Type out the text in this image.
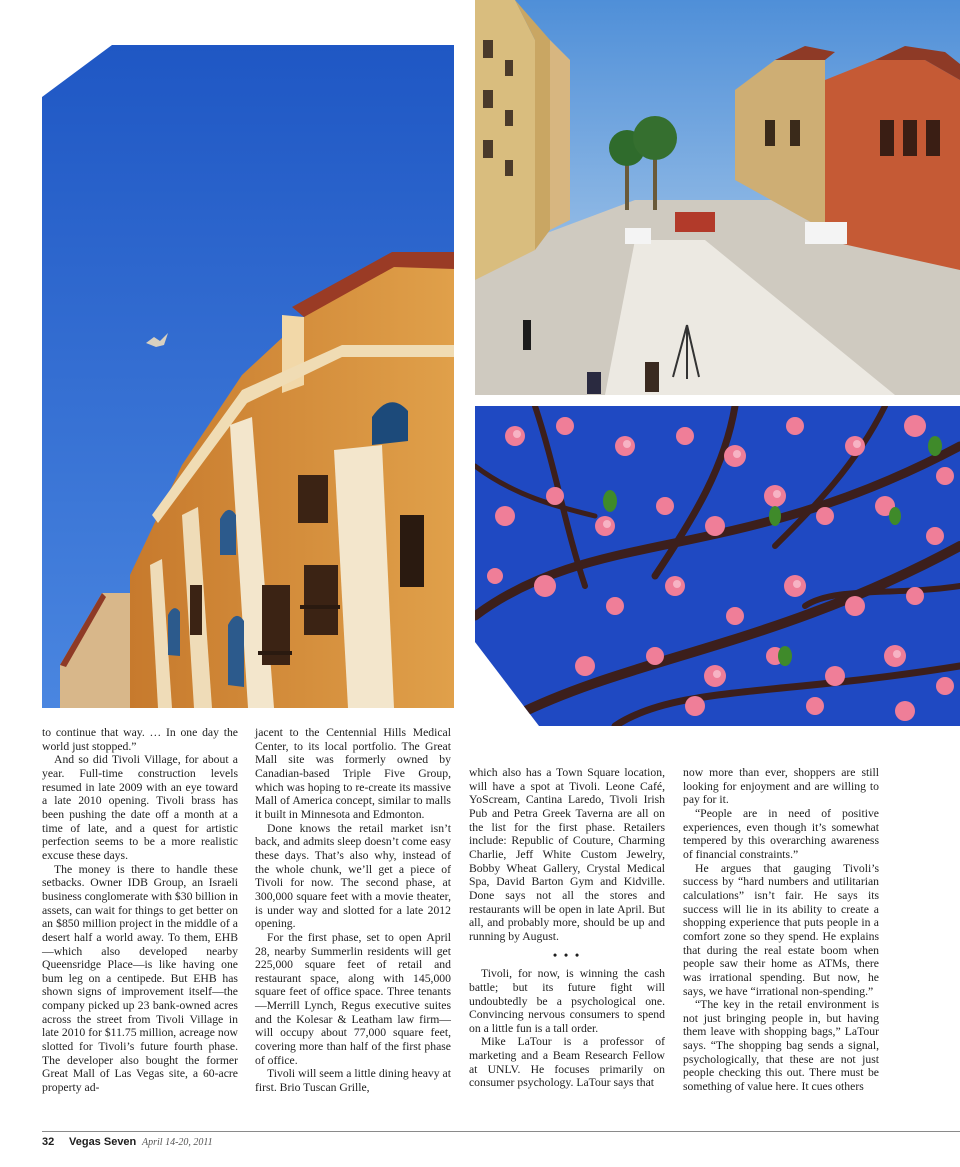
to continue that way. … In one day the world just stopped.”

And so did Tivoli Village, for about a year. Full-time construction levels resumed in late 2009 with an eye toward a late 2010 opening. Tivoli brass has been pushing the date off a month at a time of late, and a quest for artistic perfection seems to be a more realistic excuse these days.

The money is there to handle these setbacks. Owner IDB Group, an Israeli business conglomerate with $30 billion in assets, can wait for things to get better on an $850 million project in the middle of a desert half a world away. To them, EHB—which also developed nearby Queensridge Place—is like having one bum leg on a centipede. But EHB has shown signs of improvement itself—the company picked up 23 bank-owned acres across the street from Tivoli Village in late 2010 for $11.75 million, acreage now slotted for Tivoli’s future fourth phase. The developer also bought the former Great Mall of Las Vegas site, a 60-acre property ad-

jacent to the Centennial Hills Medical Center, to its local portfolio. The Great Mall site was formerly owned by Canadian-based Triple Five Group, which was hoping to re-create its massive Mall of America concept, similar to malls it built in Minnesota and Edmonton.

Done knows the retail market isn’t back, and admits sleep doesn’t come easy these days. That’s also why, instead of the whole chunk, we’ll get a piece of Tivoli for now. The second phase, at 300,000 square feet with a movie theater, is under way and slotted for a late 2012 opening.

For the first phase, set to open April 28, nearby Summerlin residents will get 225,000 square feet of retail and restaurant space, along with 145,000 square feet of office space. Three tenants—Merrill Lynch, Regus executive suites and the Kolesar & Leatham law firm—will occupy about 77,000 square feet, covering more than half of the first phase of office.

Tivoli will seem a little dining heavy at first. Brio Tuscan Grille,

which also has a Town Square location, will have a spot at Tivoli. Leone Café, YoScream, Cantina Laredo, Tivoli Irish Pub and Petra Greek Taverna are all on the list for the first phase. Retailers include: Republic of Couture, Charming Charlie, Jeff White Custom Jewelry, Bobby Wheat Gallery, Crystal Medical Spa, David Barton Gym and Kidville. Done says not all the stores and restaurants will be open in late April. But all, and probably more, should be up and running by August.

• • •

Tivoli, for now, is winning the cash battle; but its future fight will undoubtedly be a psychological one. Convincing nervous consumers to spend on a little fun is a tall order.

Mike LaTour is a professor of marketing and a Beam Research Fellow at UNLV. He focuses primarily on consumer psychology. LaTour says that

now more than ever, shoppers are still looking for enjoyment and are willing to pay for it.

“People are in need of positive experiences, even though it’s somewhat tempered by this overarching awareness of financial constraints.”

He argues that gauging Tivoli’s success by “hard numbers and utilitarian calculations” isn’t fair. He says its success will lie in its ability to create a shopping experience that puts people in a comfort zone so they spend. He explains that during the real estate boom when people saw their home as ATMs, there was irrational spending. But now, he says, we have “irrational non-spending.”

“The key in the retail environment is not just bringing people in, but having them leave with shopping bags,” LaTour says. “The shopping bag sends a signal, psychologically, that these are not just people checking this out. There must be something of value here. It cues others

32 Vegas Seven April 14-20, 2011
